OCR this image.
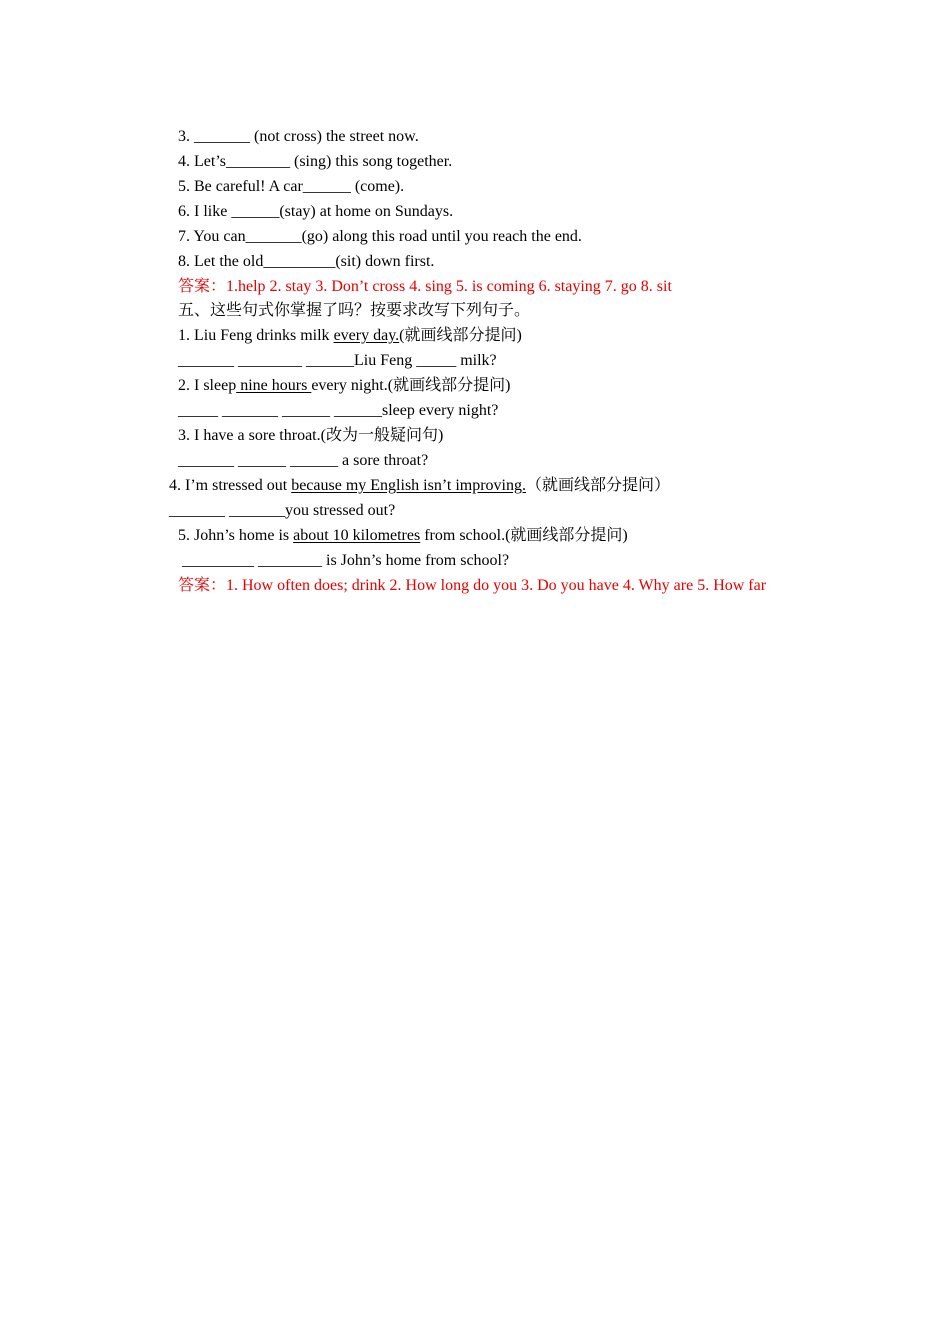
3. _______ (not cross) the street now.
4. Let’s________ (sing) this song together.
5. Be careful! A car______ (come).
6. I like ______(stay) at home on Sundays.
7. You can_______(go) along this road until you reach the end.
8. Let the old_________(sit) down first.
答案：1.help 2. stay 3. Don’t cross 4. sing 5. is coming 6. staying 7. go 8. sit
五、这些句式你掌握了吗？按要求改写下列句子。
1. Liu Feng drinks milk every day.(就画线部分提问)
_______ ________ ______Liu Feng _____ milk?
2. I sleep nine hours every night.(就画线部分提问)
_____ _______ ______ ______sleep every night?
3. I have a sore throat.(改为一般疑问句)
_______ ______ ______ a sore throat?
4. I’m stressed out because my English isn’t improving.（就画线部分提问）
_______ _______you stressed out?
5. John’s home is about 10 kilometres from school.(就画线部分提问)
_________ ________ is John’s home from school?
答案：1. How often does; drink 2. How long do you 3. Do you have 4. Why are 5. How far
